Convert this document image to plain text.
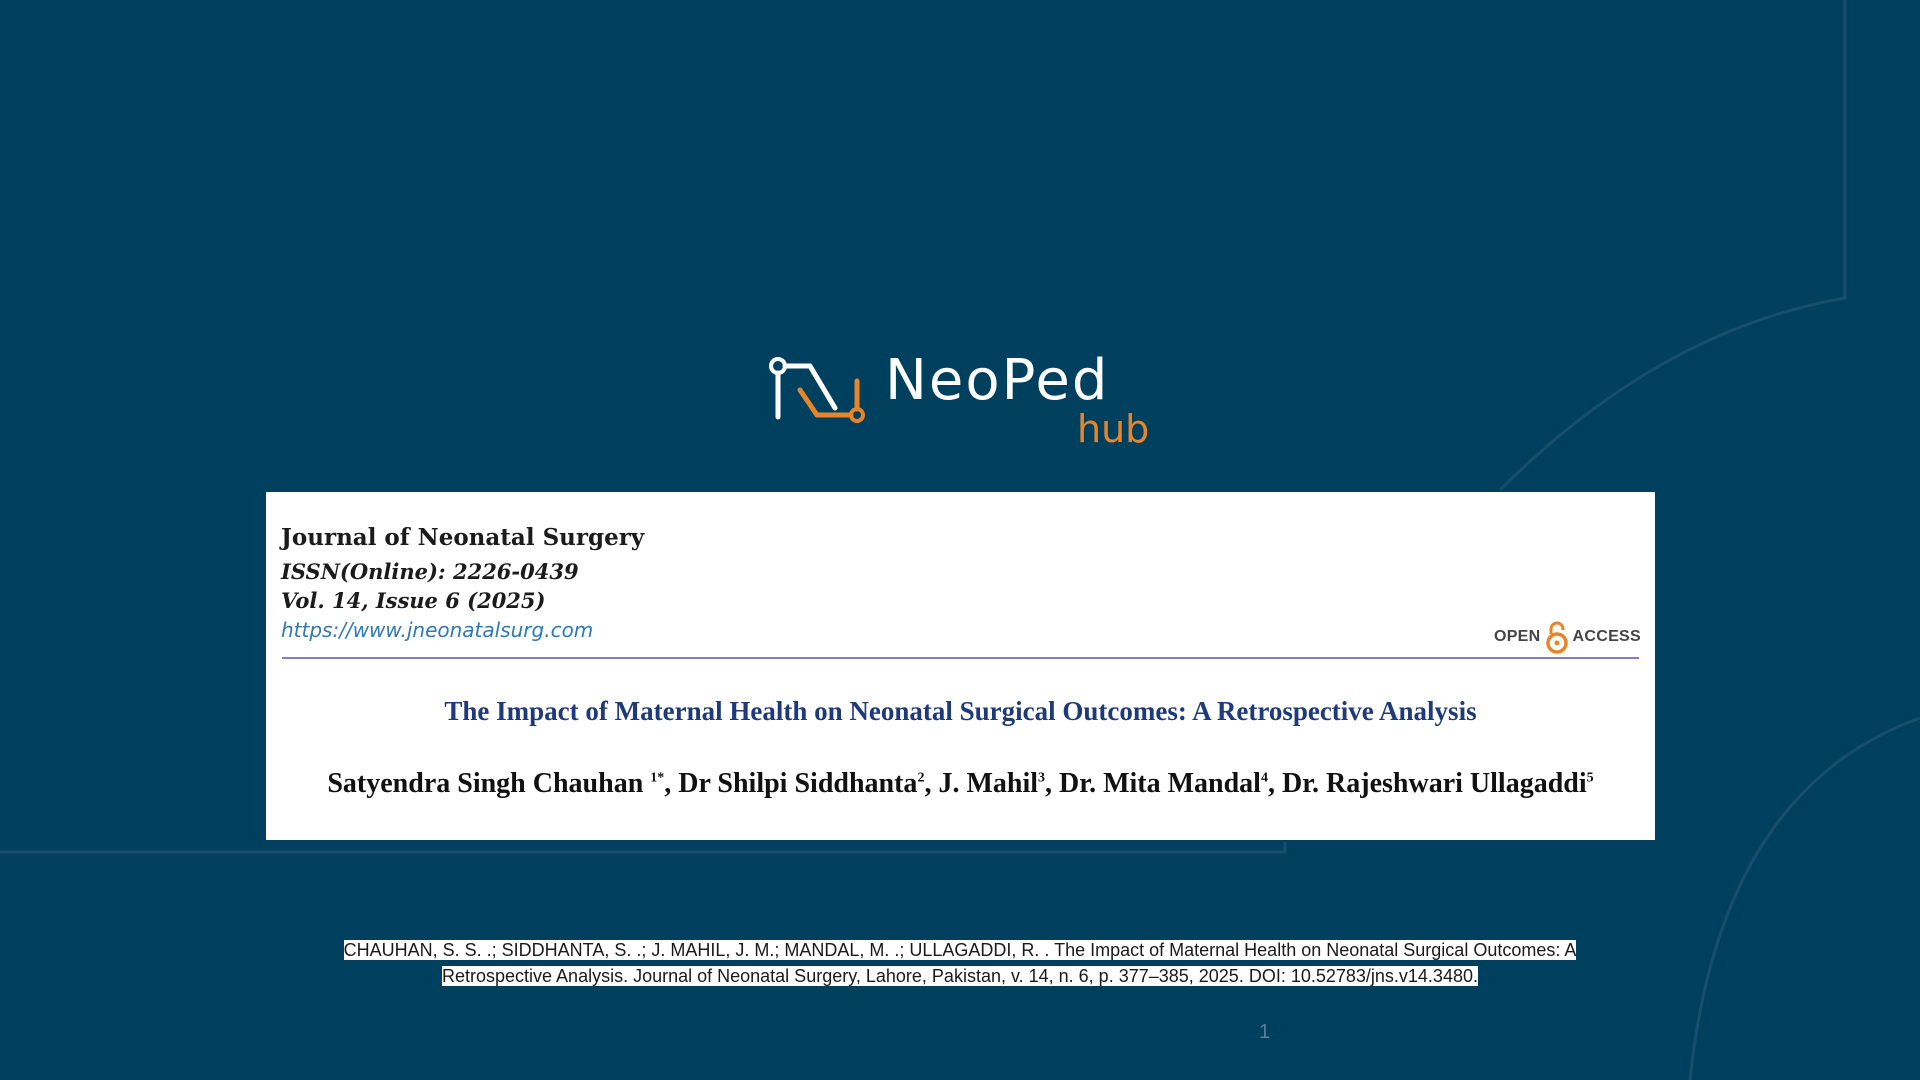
NeoPed
hub
Journal of Neonatal Surgery
ISSN(Online): 2226-0439
Vol. 14, Issue 6 (2025)
https://www.jneonatalsurg.com	OPEN ACCESS
The Impact of Maternal Health on Neonatal Surgical Outcomes: A Retrospective Analysis
Satyendra Singh Chauhan $^{1*}$, Dr Shilpi Siddhanta$^2$, J. Mahil$^3$, Dr. Mita Mandal$^4$, Dr. Rajeshwari Ullagaddi$^5$
CHAUHAN, S. S. .; SIDDHANTA, S. .; J. MAHIL, J. M.; MANDAL, M. .; ULLAGADDI, R. . The Impact of Maternal Health on Neonatal Surgical Outcomes: A Retrospective Analysis. Journal of Neonatal Surgery, Lahore, Pakistan, v. 14, n. 6, p. 377–385, 2025. DOI: 10.52783/jns.v14.3480.
1
